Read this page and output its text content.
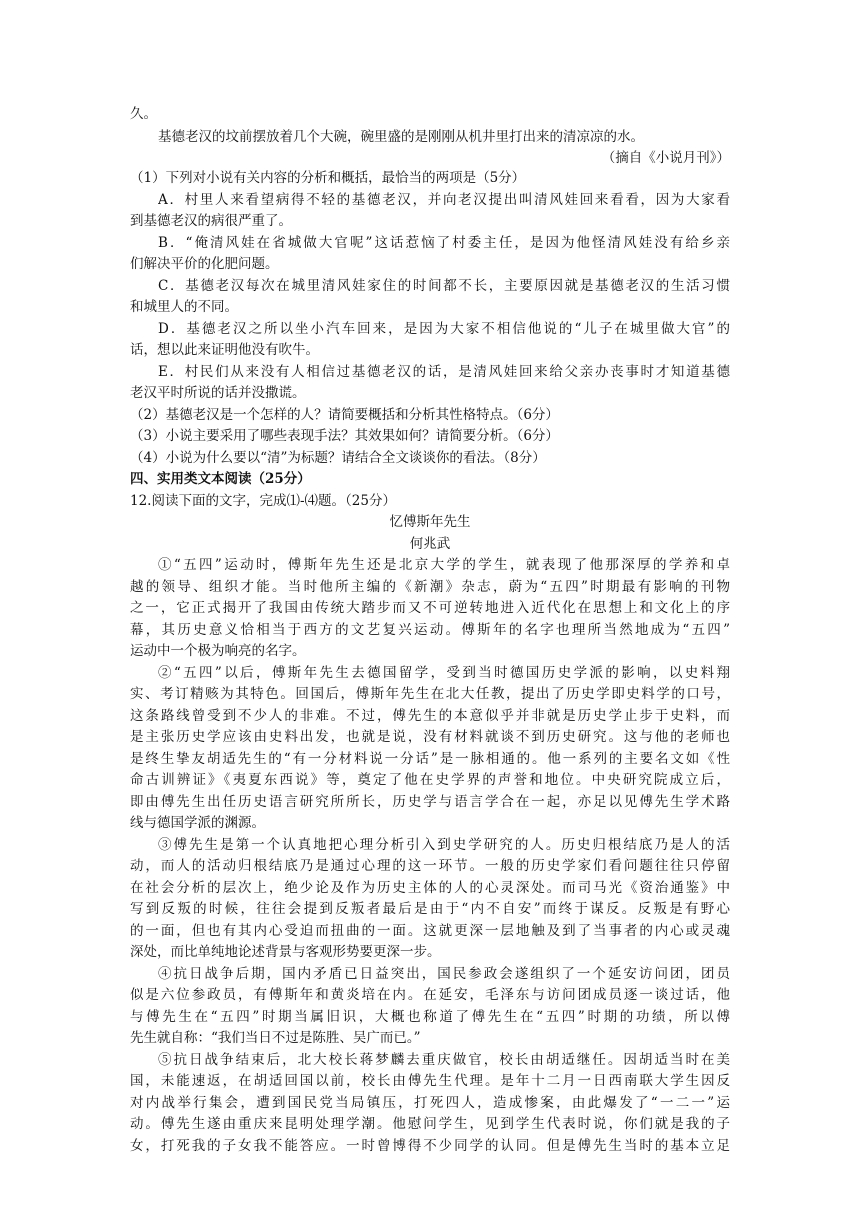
久。
基德老汉的坟前摆放着几个大碗，碗里盛的是刚刚从机井里打出来的清凉凉的水。
（摘自《小说月刊》）
（1）下列对小说有关内容的分析和概括，最恰当的两项是（5分）
A．村里人来看望病得不轻的基德老汉，并向老汉提出叫清风娃回来看看，因为大家看
到基德老汉的病很严重了。
B．“俺清风娃在省城做大官呢”这话惹恼了村委主任，是因为他怪清风娃没有给乡亲
们解决平价的化肥问题。
C．基德老汉每次在城里清风娃家住的时间都不长，主要原因就是基德老汉的生活习惯
和城里人的不同。
D．基德老汉之所以坐小汽车回来，是因为大家不相信他说的“儿子在城里做大官”的
话，想以此来证明他没有吹牛。
E．村民们从来没有人相信过基德老汉的话，是清风娃回来给父亲办丧事时才知道基德
老汉平时所说的话并没撒谎。
（2）基德老汉是一个怎样的人？请简要概括和分析其性格特点。（6分）
（3）小说主要采用了哪些表现手法？其效果如何？请简要分析。（6分）
（4）小说为什么要以“清”为标题？请结合全文谈谈你的看法。（8分）
四、实用类文本阅读（25分）
12.阅读下面的文字，完成⑴-⑷题。（25分）
忆傅斯年先生
何兆武
①“五四”运动时，傅斯年先生还是北京大学的学生，就表现了他那深厚的学养和卓
越的领导、组织才能。当时他所主编的《新潮》杂志，蔚为“五四”时期最有影响的刊物
之一，它正式揭开了我国由传统大踏步而又不可逆转地进入近代化在思想上和文化上的序
幕，其历史意义恰相当于西方的文艺复兴运动。傅斯年的名字也理所当然地成为“五四”
运动中一个极为响亮的名字。
②“五四”以后，傅斯年先生去德国留学，受到当时德国历史学派的影响，以史料翔
实、考订精赅为其特色。回国后，傅斯年先生在北大任教，提出了历史学即史料学的口号，
这条路线曾受到不少人的非难。不过，傅先生的本意似乎并非就是历史学止步于史料，而
是主张历史学应该由史料出发，也就是说，没有材料就谈不到历史研究。这与他的老师也
是终生挚友胡适先生的“有一分材料说一分话”是一脉相通的。他一系列的主要名文如《性
命古训辨证》《夷夏东西说》等，奠定了他在史学界的声誉和地位。中央研究院成立后，
即由傅先生出任历史语言研究所所长，历史学与语言学合在一起，亦足以见傅先生学术路
线与德国学派的渊源。
③傅先生是第一个认真地把心理分析引入到史学研究的人。历史归根结底乃是人的活
动，而人的活动归根结底乃是通过心理的这一环节。一般的历史学家们看问题往往只停留
在社会分析的层次上，绝少论及作为历史主体的人的心灵深处。而司马光《资治通鉴》中
写到反叛的时候，往往会提到反叛者最后是由于“内不自安”而终于谋反。反叛是有野心
的一面，但也有其内心受迫而扭曲的一面。这就更深一层地触及到了当事者的内心或灵魂
深处，而比单纯地论述背景与客观形势要更深一步。
④抗日战争后期，国内矛盾已日益突出，国民参政会遂组织了一个延安访问团，团员
似是六位参政员，有傅斯年和黄炎培在内。在延安，毛泽东与访问团成员逐一谈过话，他
与傅先生在“五四”时期当属旧识，大概也称道了傅先生在“五四”时期的功绩，所以傅
先生就自称：“我们当日不过是陈胜、吴广而已。”
⑤抗日战争结束后，北大校长蒋梦麟去重庆做官，校长由胡适继任。因胡适当时在美
国，未能速返，在胡适回国以前，校长由傅先生代理。是年十二月一日西南联大学生因反
对内战举行集会，遭到国民党当局镇压，打死四人，造成惨案，由此爆发了“一二一”运
动。傅先生遂由重庆来昆明处理学潮。他慰问学生，见到学生代表时说，你们就是我的子
女，打死我的子女我不能答应。一时曾博得不少同学的认同。但是傅先生当时的基本立足
